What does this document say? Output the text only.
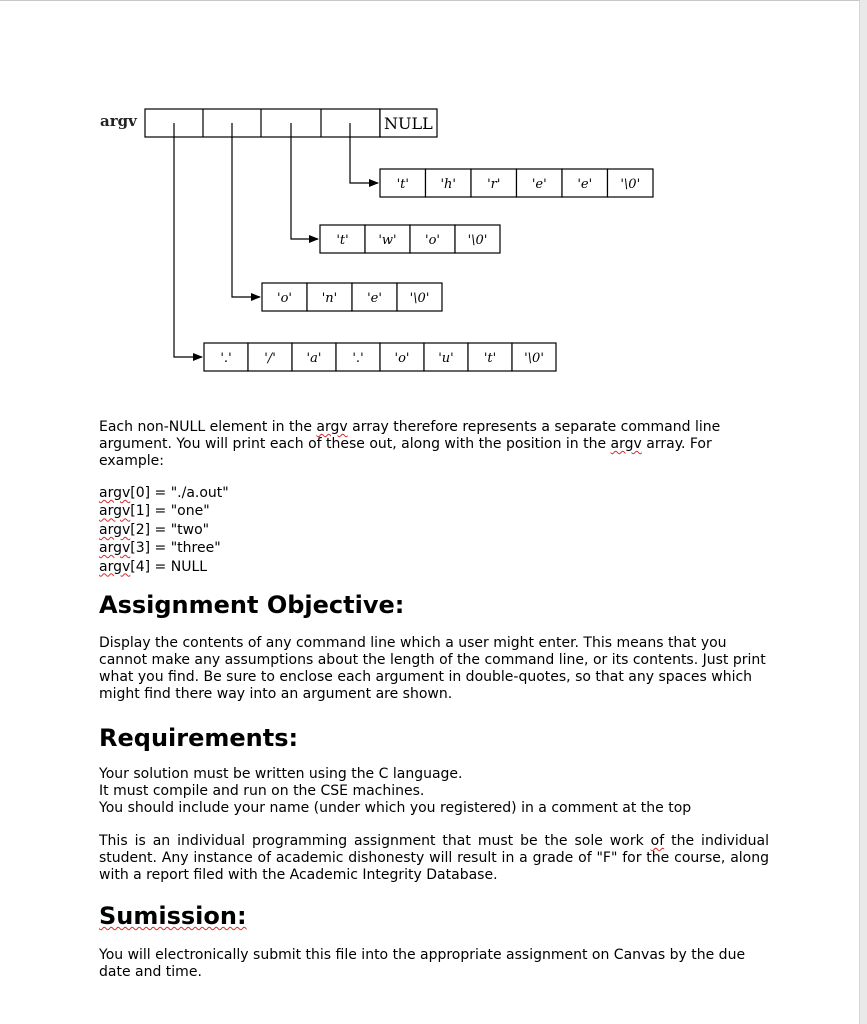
argv	NULL
't' 'h' 'r' 'e' 'e' '\0'
't' 'w' 'o' '\0'
'o' 'n' 'e' '\0'
'.'	'/' 'a' '.' 'o' 'u' 't' '\0'

Each non-NULL element in the argv array therefore represents a separate command line argument. You will print each of these out, along with the position in the argv array. For example:

argv[0] = "./a.out"
argv[1] = "one"
argv[2] = "two"
argv[3] = "three"
argv[4] = NULL
Assignment Objective:

Display the contents of any command line which a user might enter. This means that you cannot make any assumptions about the length of the command line, or its contents. Just print what you find. Be sure to enclose each argument in double-quotes, so that any spaces which might find there way into an argument are shown.

Requirements:
Your solution must be written using the C language.
It must compile and run on the CSE machines.
You should include your name (under which you registered) in a comment at the top

This is an individual programming assignment that must be the sole work of the individual student. Any instance of academic dishonesty will result in a grade of "F" for the course, along with a report filed with the Academic Integrity Database.

Sumission:

You will electronically submit this file into the appropriate assignment on Canvas by the due date and time.
